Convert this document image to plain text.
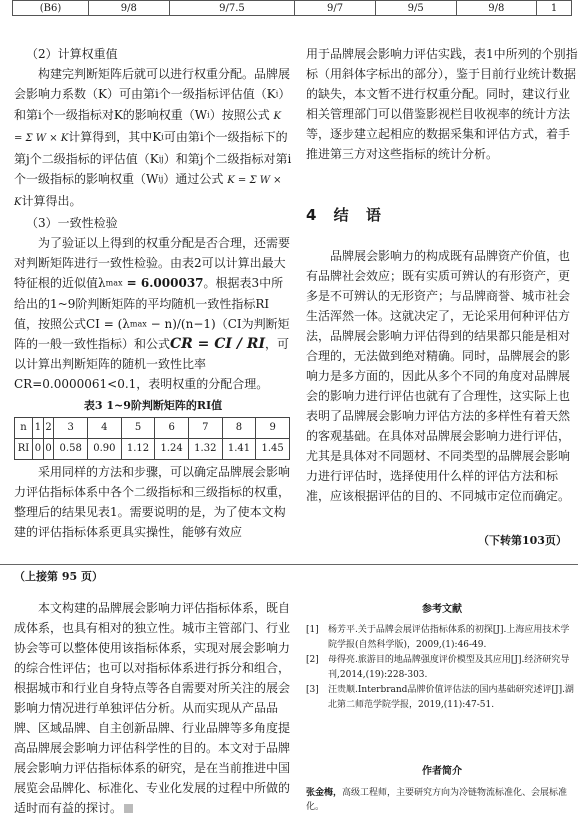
(B6)	9/8	9/7.5	9/7	9/5	9/8	1

（2）计算权重值

构建完判断矩阵后就可以进行权重分配。品牌展会影响力系数（K）可由第i个一级指标评估值（Ki）和第i个一级指标对K的影响权重（Wi）按照公式 K = Σ W × K计算得到，其中Ki可由第i个一级指标下的第j个二级指标的评估值（Kij）和第j个二级指标对第i个一级指标的影响权重（Wij）通过公式 K = Σ W × K计算得出。

（3）一致性检验

为了验证以上得到的权重分配是否合理，还需要对判断矩阵进行一致性检验。由表2可以计算出最大特征根的近似值λmax = 6.000037。根据表3中所给出的1~9阶判断矩阵的平均随机一致性指标RI值，按照公式CI = (λmax − n)/(n−1)（CI为判断矩阵的一般一致性指标）和公式CR = CI / RI，可以计算出判断矩阵的随机一致性比率CR=0.0000061<0.1，表明权重的分配合理。

表3 1~9阶判断矩阵的RI值
n	1	2	3	4	5	6	7	8	9
RI	0	0	0.58	0.90	1.12	1.24	1.32	1.41	1.45

采用同样的方法和步骤，可以确定品牌展会影响力评估指标体系中各个二级指标和三级指标的权重，整理后的结果见表1。需要说明的是，为了使本文构建的评估指标体系更具实操性，能够有效应

用于品牌展会影响力评估实践，表1中所列的个别指标（用斜体字标出的部分），鉴于目前行业统计数据的缺失，本文暂不进行权重分配。同时，建议行业相关管理部门可以借鉴影视栏目收视率的统计方法等，逐步建立起相应的数据采集和评估方式，着手推进第三方对这些指标的统计分析。

4 结 语

品牌展会影响力的构成既有品牌资产价值，也有品牌社会效应；既有实质可辨认的有形资产，更多是不可辨认的无形资产；与品牌商誉、城市社会生活浑然一体。这就决定了，无论采用何种评估方法，品牌展会影响力评估得到的结果都只能是相对合理的，无法做到绝对精确。同时，品牌展会的影响力是多方面的，因此从多个不同的角度对品牌展会的影响力进行评估也就有了合理性，这实际上也表明了品牌展会影响力评估方法的多样性有着天然的客观基础。在具体对品牌展会影响力进行评估，尤其是具体对不同题材、不同类型的品牌展会影响力进行评估时，选择使用什么样的评估方法和标准，应该根据评估的目的、不同城市定位而确定。

（下转第103页）
（上接第 95 页）

本文构建的品牌展会影响力评估指标体系，既自成体系，也具有相对的独立性。城市主管部门、行业协会等可以整体使用该指标体系，实现对展会影响力的综合性评估；也可以对指标体系进行拆分和组合，根据城市和行业自身特点等各自需要对所关注的展会影响力情况进行单独评估分析。从而实现从产品品牌、区域品牌、自主创新品牌、行业品牌等多角度提高品牌展会影响力评估科学性的目的。本文对于品牌展会影响力评估指标体系的研究，是在当前推进中国展览会品牌化、标准化、专业化发展的过程中所做的适时而有益的探讨。

参考文献
[1]	杨芳平.关于品牌会展评估指标体系的初探[J].上海应用技术学院学报(自然科学版)，2009,(1):46-49.
[2]	母得亮.旅游目的地品牌强度评价模型及其应用[J].经济研究导刊,2014,(19):228-303.
[3]	汪贵顺.Interbrand品牌价值评估法的国内基础研究述评[J].湖北第二师范学院学报，2019,(11):47-51.
作者简介
张金梅，高级工程师，主要研究方向为冷链物流标准化、会展标准化。
